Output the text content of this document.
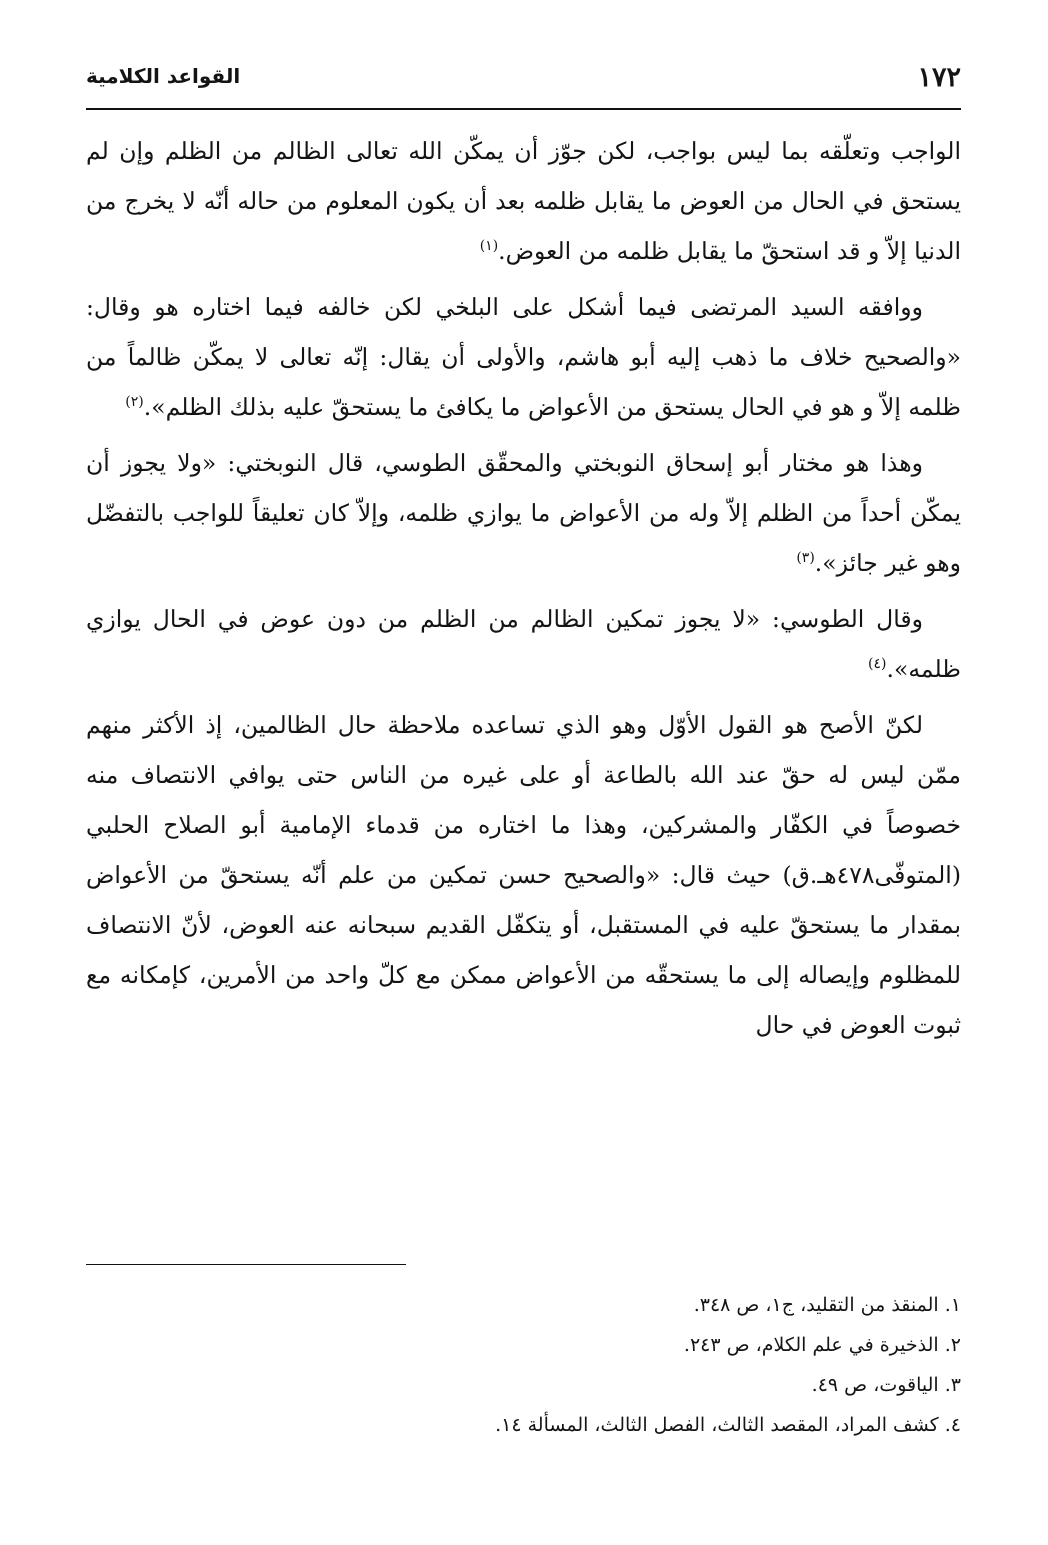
١٧٢
القواعد الكلامية

الواجب وتعلّقه بما ليس بواجب، لكن جوّز أن يمكّن الله تعالى الظالم من الظلم وإن لم يستحق في الحال من العوض ما يقابل ظلمه بعد أن يكون المعلوم من حاله أنّه لا يخرج من الدنيا إلاّ و قد استحقّ ما يقابل ظلمه من العوض.$^{(١)}$

ووافقه السيد المرتضى فيما أشكل على البلخي لكن خالفه فيما اختاره هو وقال: «والصحيح خلاف ما ذهب إليه أبو هاشم، والأولى أن يقال: إنّه تعالى لا يمكّن ظالماً من ظلمه إلاّ و هو في الحال يستحق من الأعواض ما يكافئ ما يستحقّ عليه بذلك الظلم».$^{(٢)}$

وهذا هو مختار أبو إسحاق النوبختي والمحقّق الطوسي، قال النوبختي: «ولا يجوز أن يمكّن أحداً من الظلم إلاّ وله من الأعواض ما يوازي ظلمه، وإلاّ كان تعليقاً للواجب بالتفضّل وهو غير جائز».$^{(٣)}$

وقال الطوسي: «لا يجوز تمكين الظالم من الظلم من دون عوض في الحال يوازي ظلمه».$^{(٤)}$

لكنّ الأصح هو القول الأوّل وهو الذي تساعده ملاحظة حال الظالمين، إذ الأكثر منهم ممّن ليس له حقّ عند الله بالطاعة أو على غيره من الناس حتى يوافي الانتصاف منه خصوصاً في الكفّار والمشركين، وهذا ما اختاره من قدماء الإمامية أبو الصلاح الحلبي (المتوفّى٤٧٨هـ.ق) حيث قال: «والصحيح حسن تمكين من علم أنّه يستحقّ من الأعواض بمقدار ما يستحقّ عليه في المستقبل، أو يتكفّل القديم سبحانه عنه العوض، لأنّ الانتصاف للمظلوم وإيصاله إلى ما يستحقّه من الأعواض ممكن مع كلّ واحد من الأمرين، كإمكانه مع ثبوت العوض في حال

١. المنقذ من التقليد، ج١، ص ٣٤٨.

٢. الذخيرة في علم الكلام، ص ٢٤٣.

٣. الياقوت، ص ٤٩.

٤. كشف المراد، المقصد الثالث، الفصل الثالث، المسألة ١٤.
